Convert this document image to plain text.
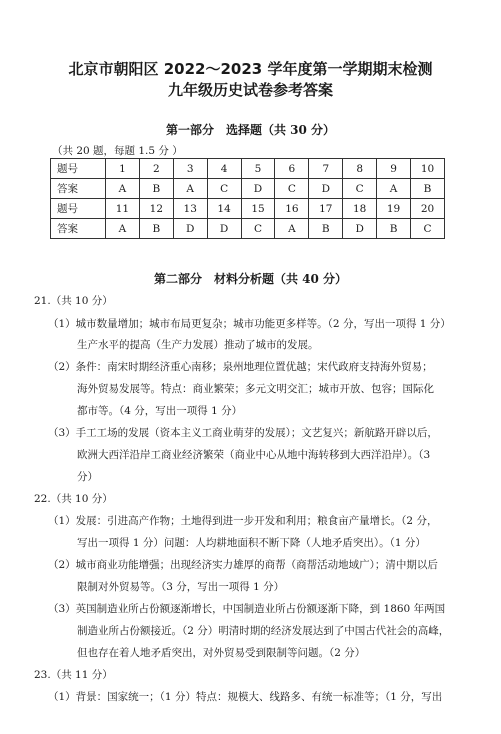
北京市朝阳区 2022～2023 学年度第一学期期末检测
九年级历史试卷参考答案
第一部分　选择题（共 30 分）
（共 20 题，每题 1.5 分 ）
题号	1	2	3	4	5	6	7	8	9	10
答案	A	B	A	C	D	C	D	C	A	B
题号	11	12	13	14	15	16	17	18	19	20
答案	A	B	D	D	C	A	B	D	B	C
第二部分　材料分析题（共 40 分）
21.（共 10 分）
（1）城市数量增加；城市布局更复杂；城市功能更多样等。（2 分，写出一项得 1 分）
生产水平的提高（生产力发展）推动了城市的发展。
（2）条件：南宋时期经济重心南移；泉州地理位置优越；宋代政府支持海外贸易；
海外贸易发展等。特点：商业繁荣；多元文明交汇；城市开放、包容；国际化
都市等。（4 分，写出一项得 1 分）
（3）手工工场的发展（资本主义工商业萌芽的发展）；文艺复兴；新航路开辟以后，
欧洲大西洋沿岸工商业经济繁荣（商业中心从地中海转移到大西洋沿岸）。（3
分）
22.（共 10 分）
（1）发展：引进高产作物；土地得到进一步开发和利用；粮食亩产量增长。（2 分，
写出一项得 1 分）问题：人均耕地面积不断下降（人地矛盾突出）。（1 分）
（2）城市商业功能增强；出现经济实力雄厚的商帮（商帮活动地域广）；清中期以后
限制对外贸易等。（3 分，写出一项得 1 分）
（3）英国制造业所占份额逐渐增长，中国制造业所占份额逐渐下降，到 1860 年两国
制造业所占份额接近。（2 分）明清时期的经济发展达到了中国古代社会的高峰，
但也存在着人地矛盾突出，对外贸易受到限制等问题。（2 分）
23.（共 11 分）
（1）背景：国家统一；（1 分）特点：规模大、线路多、有统一标准等；（1 分，写出
